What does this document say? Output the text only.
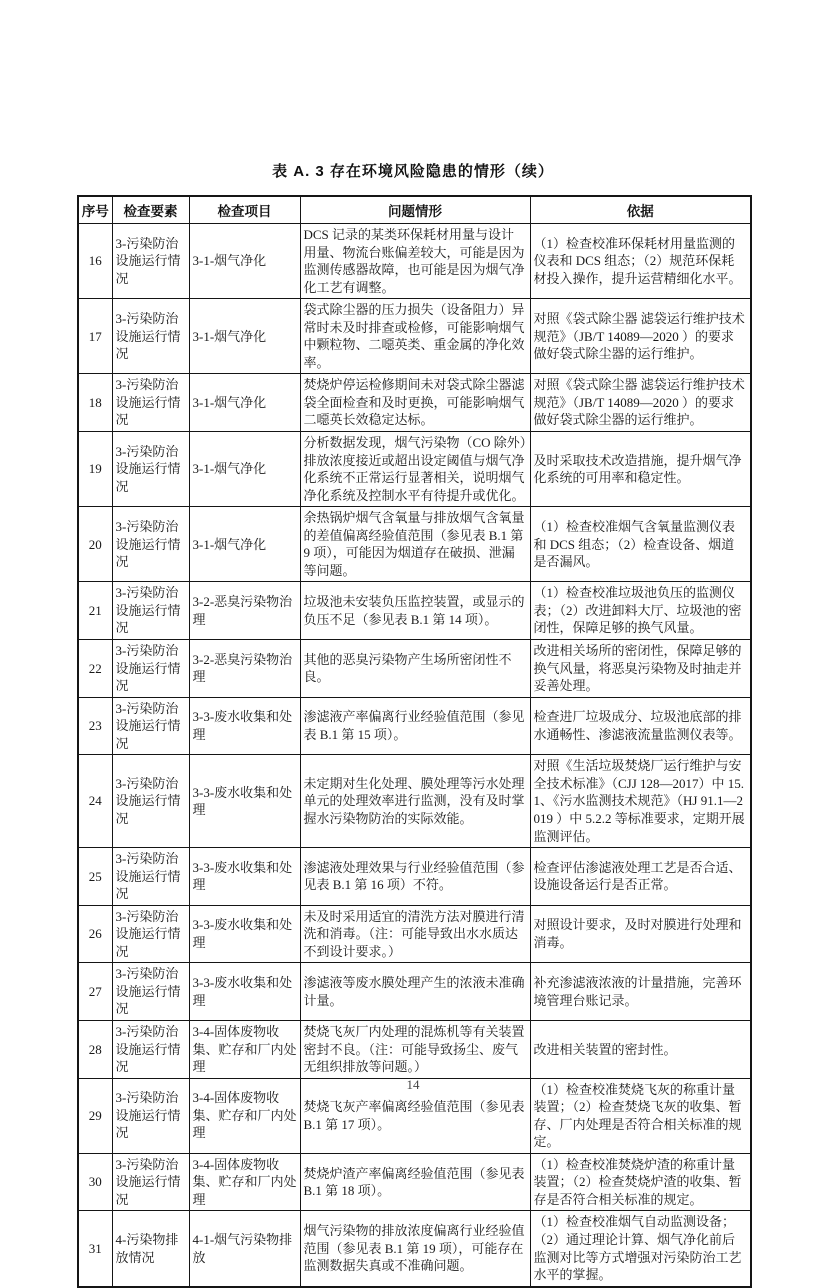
表 A. 3 存在环境风险隐患的情形（续）
序号	检查要素	检查项目	问题情形	依据
16	3-污染防治设施运行情况	3-1-烟气净化	DCS 记录的某类环保耗材用量与设计用量、物流台账偏差较大，可能是因为监测传感器故障，也可能是因为烟气净化工艺有调整。	（1）检查校准环保耗材用量监测的仪表和 DCS 组态；（2）规范环保耗材投入操作，提升运营精细化水平。
17	3-污染防治设施运行情况	3-1-烟气净化	袋式除尘器的压力损失（设备阻力）异常时未及时排查或检修，可能影响烟气中颗粒物、二噁英类、重金属的净化效率。	对照《袋式除尘器 滤袋运行维护技术规范》（JB/T 14089—2020 ）的要求做好袋式除尘器的运行维护。
18	3-污染防治设施运行情况	3-1-烟气净化	焚烧炉停运检修期间未对袋式除尘器滤袋全面检查和及时更换，可能影响烟气二噁英长效稳定达标。	对照《袋式除尘器 滤袋运行维护技术规范》（JB/T 14089—2020 ）的要求做好袋式除尘器的运行维护。
19	3-污染防治设施运行情况	3-1-烟气净化	分析数据发现，烟气污染物（CO 除外）排放浓度接近或超出设定阈值与烟气净化系统不正常运行显著相关，说明烟气净化系统及控制水平有待提升或优化。	及时采取技术改造措施，提升烟气净化系统的可用率和稳定性。
20	3-污染防治设施运行情况	3-1-烟气净化	余热锅炉烟气含氧量与排放烟气含氧量的差值偏离经验值范围（参见表 B.1 第 9 项），可能因为烟道存在破损、泄漏等问题。	（1）检查校准烟气含氧量监测仪表和 DCS 组态；（2）检查设备、烟道是否漏风。
21	3-污染防治设施运行情况	3-2-恶臭污染物治理	垃圾池未安装负压监控装置，或显示的负压不足（参见表 B.1 第 14 项）。	（1）检查校准垃圾池负压的监测仪表；（2）改进卸料大厅、垃圾池的密闭性，保障足够的换气风量。
22	3-污染防治设施运行情况	3-2-恶臭污染物治理	其他的恶臭污染物产生场所密闭性不良。	改进相关场所的密闭性，保障足够的换气风量，将恶臭污染物及时抽走并妥善处理。
23	3-污染防治设施运行情况	3-3-废水收集和处理	渗滤液产率偏离行业经验值范围（参见表 B.1 第 15 项）。	检查进厂垃圾成分、垃圾池底部的排水通畅性、渗滤液流量监测仪表等。
24	3-污染防治设施运行情况	3-3-废水收集和处理	未定期对生化处理、膜处理等污水处理单元的处理效率进行监测，没有及时掌握水污染物防治的实际效能。	对照《生活垃圾焚烧厂运行维护与安全技术标准》（CJJ 128—2017）中 15.1、《污水监测技术规范》（HJ 91.1—2019 ）中 5.2.2 等标准要求，定期开展监测评估。
25	3-污染防治设施运行情况	3-3-废水收集和处理	渗滤液处理效果与行业经验值范围（参见表 B.1 第 16 项）不符。	检查评估渗滤液处理工艺是否合适、设施设备运行是否正常。
26	3-污染防治设施运行情况	3-3-废水收集和处理	未及时采用适宜的清洗方法对膜进行清洗和消毒。（注：可能导致出水水质达不到设计要求。）	对照设计要求，及时对膜进行处理和消毒。
27	3-污染防治设施运行情况	3-3-废水收集和处理	渗滤液等废水膜处理产生的浓液未准确计量。	补充渗滤液浓液的计量措施，完善环境管理台账记录。
28	3-污染防治设施运行情况	3-4-固体废物收集、贮存和厂内处理	焚烧飞灰厂内处理的混炼机等有关装置密封不良。（注：可能导致扬尘、废气无组织排放等问题。）	改进相关装置的密封性。
29	3-污染防治设施运行情况	3-4-固体废物收集、贮存和厂内处理	焚烧飞灰产率偏离经验值范围（参见表 B.1 第 17 项）。	（1）检查校准焚烧飞灰的称重计量装置；（2）检查焚烧飞灰的收集、暂存、厂内处理是否符合相关标准的规定。
30	3-污染防治设施运行情况	3-4-固体废物收集、贮存和厂内处理	焚烧炉渣产率偏离经验值范围（参见表 B.1 第 18 项）。	（1）检查校准焚烧炉渣的称重计量装置；（2）检查焚烧炉渣的收集、暂存是否符合相关标准的规定。
31	4-污染物排放情况	4-1-烟气污染物排放	烟气污染物的排放浓度偏离行业经验值范围（参见表 B.1 第 19 项），可能存在监测数据失真或不准确问题。	（1）检查校准烟气自动监测设备；（2）通过理论计算、烟气净化前后监测对比等方式增强对污染防治工艺水平的掌握。
14
